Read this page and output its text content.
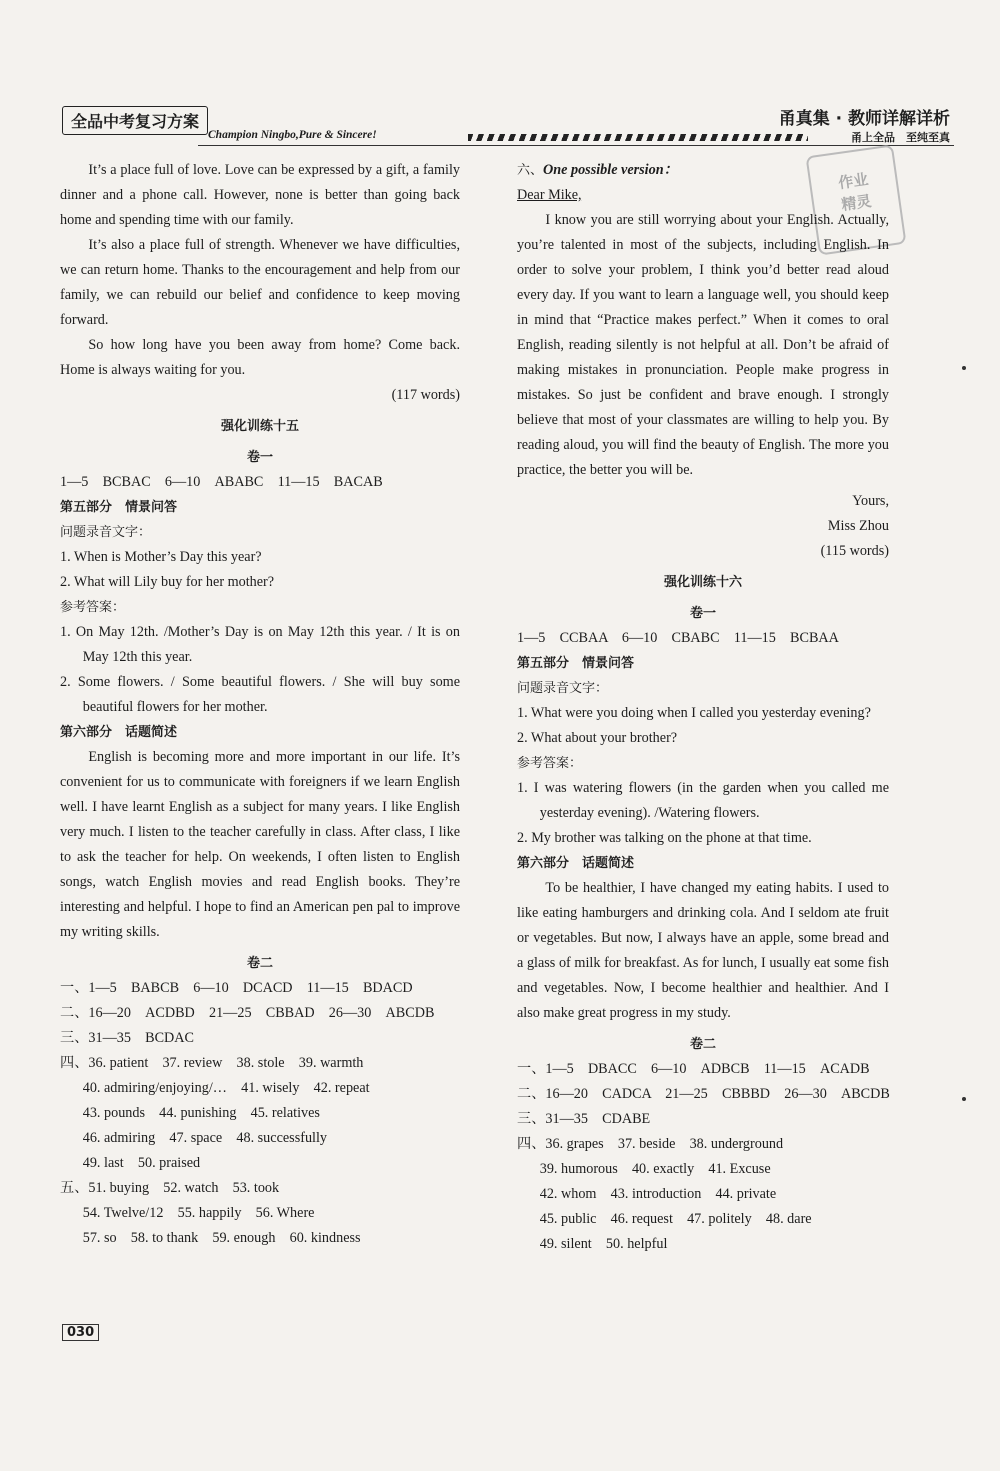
全品中考复习方案
Champion Ningbo,Pure & Sincere!
甬真集 · 教师详解详析
甬上全品　至纯至真
作业
精灵

It’s a place full of love. Love can be expressed by a gift, a family dinner and a phone call. However, none is better than going back home and spending time with our family.

It’s also a place full of strength. Whenever we have difficulties, we can return home. Thanks to the encouragement and help from our family, we can rebuild our belief and confidence to keep moving forward.

So how long have you been away from home? Come back. Home is always waiting for you.

(117 words)

强化训练十五

卷一

1—5　BCBAC　6—10　ABABC　11—15　BACAB

第五部分　情景问答

问题录音文字：

1. When is Mother’s Day this year?

2. What will Lily buy for her mother?

参考答案：

1. On May 12th. /Mother’s Day is on May 12th this year. / It is on May 12th this year.

2. Some flowers. / Some beautiful flowers. / She will buy some beautiful flowers for her mother.

第六部分　话题简述

English is becoming more and more important in our life. It’s convenient for us to communicate with foreigners if we learn English well. I have learnt English as a subject for many years. I like English very much. I listen to the teacher carefully in class. After class, I like to ask the teacher for help. On weekends, I often listen to English songs, watch English movies and read English books. They’re interesting and helpful. I hope to find an American pen pal to improve my writing skills.

卷二

一、1—5　BABCB　6—10　DCACD　11—15　BDACD

二、16—20　ACDBD　21—25　CBBAD　26—30　ABCDB

三、31—35　BCDAC

四、36. patient　37. review　38. stole　39. warmth

40. admiring/enjoying/…　41. wisely　42. repeat

43. pounds　44. punishing　45. relatives

46. admiring　47. space　48. successfully

49. last　50. praised

五、51. buying　52. watch　53. took

54. Twelve/12　55. happily　56. Where

57. so　58. to thank　59. enough　60. kindness

六、One possible version：

Dear Mike,

I know you are still worrying about your English. Actually, you’re talented in most of the subjects, including English. In order to solve your problem, I think you’d better read aloud every day. If you want to learn a language well, you should keep in mind that “Practice makes perfect.” When it comes to oral English, reading silently is not helpful at all. Don’t be afraid of making mistakes in pronunciation. People make progress in mistakes. So just be confident and brave enough. I strongly believe that most of your classmates are willing to help you. By reading aloud, you will find the beauty of English. The more you practice, the better you will be.

Yours,

Miss Zhou

(115 words)

强化训练十六

卷一

1—5　CCBAA　6—10　CBABC　11—15　BCBAA

第五部分　情景问答

问题录音文字：

1. What were you doing when I called you yesterday evening?

2. What about your brother?

参考答案：

1. I was watering flowers (in the garden when you called me yesterday evening). /Watering flowers.

2. My brother was talking on the phone at that time.

第六部分　话题简述

To be healthier, I have changed my eating habits. I used to like eating hamburgers and drinking cola. And I seldom ate fruit or vegetables. But now, I always have an apple, some bread and a glass of milk for breakfast. As for lunch, I usually eat some fish and vegetables. Now, I become healthier and healthier. And I also make great progress in my study.

卷二

一、1—5　DBACC　6—10　ADBCB　11—15　ACADB

二、16—20　CADCA　21—25　CBBBD　26—30　ABCDB

三、31—35　CDABE

四、36. grapes　37. beside　38. underground

39. humorous　40. exactly　41. Excuse

42. whom　43. introduction　44. private

45. public　46. request　47. politely　48. dare

49. silent　50. helpful

030
